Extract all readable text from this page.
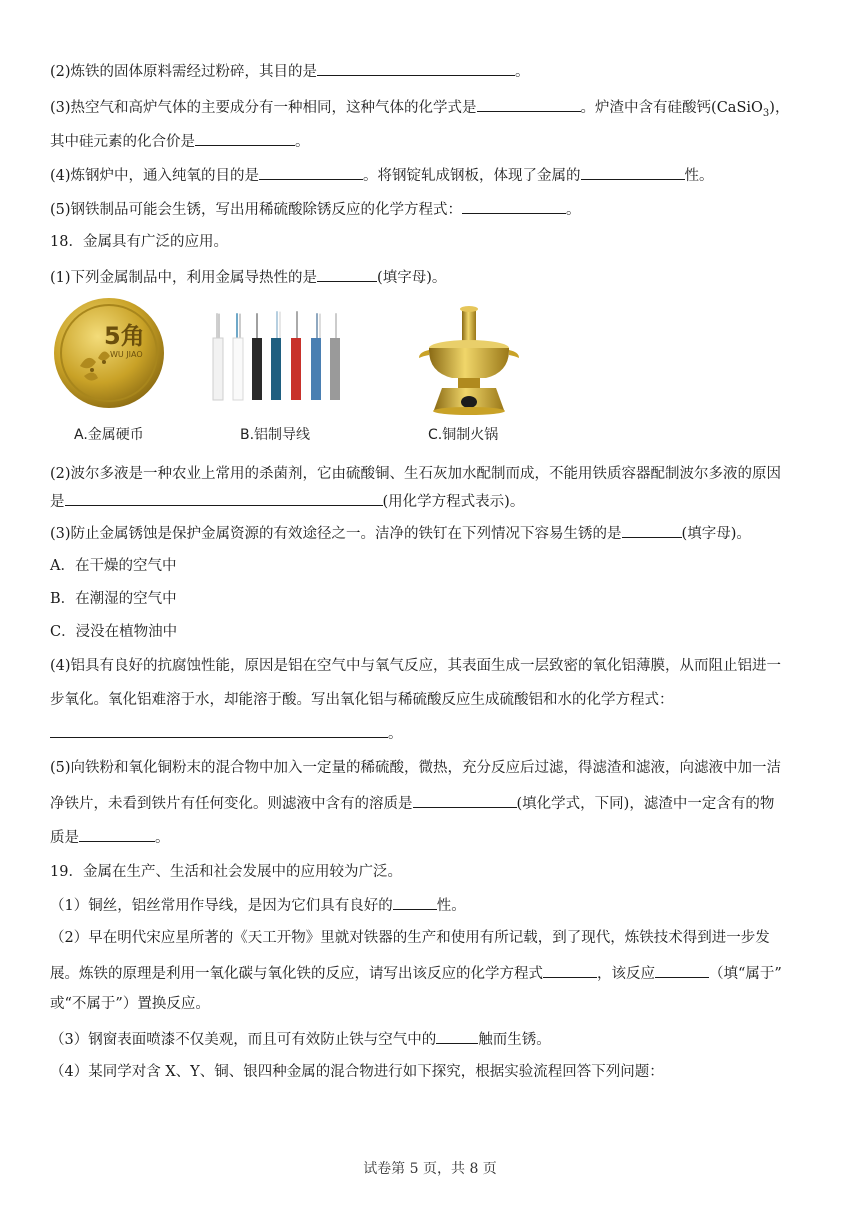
(2)炼铁的固体原料需经过粉碎，其目的是	。
(3)热空气和高炉气体的主要成分有一种相同，这种气体的化学式是	。炉渣中含有硅酸钙(CaSiO$_3$)，
其中硅元素的化合价是	。
(4)炼钢炉中，通入纯氧的目的是	。将钢锭轧成钢板，体现了金属的	性。
(5)钢铁制品可能会生锈，写出用稀硫酸除锈反应的化学方程式：	。
18．金属具有广泛的应用。
(1)下列金属制品中，利用金属导热性的是	(填字母)。
5角
WU JIAO
A.金属硬币	B.铝制导线	C.铜制火锅
(2)波尔多液是一种农业上常用的杀菌剂，它由硫酸铜、生石灰加水配制而成，不能用铁质容器配制波尔多液的原因
是	(用化学方程式表示)。
(3)防止金属锈蚀是保护金属资源的有效途径之一。洁净的铁钉在下列情况下容易生锈的是	(填字母)。
A．在干燥的空气中
B．在潮湿的空气中
C．浸没在植物油中
(4)铝具有良好的抗腐蚀性能，原因是铝在空气中与氧气反应，其表面生成一层致密的氧化铝薄膜，从而阻止铝进一
步氧化。氧化铝难溶于水，却能溶于酸。写出氧化铝与稀硫酸反应生成硫酸铝和水的化学方程式：
。
(5)向铁粉和氧化铜粉末的混合物中加入一定量的稀硫酸，微热，充分反应后过滤，得滤渣和滤液，向滤液中加一洁
净铁片，未看到铁片有任何变化。则滤液中含有的溶质是	(填化学式，下同)，滤渣中一定含有的物
质是	。
19．金属在生产、生活和社会发展中的应用较为广泛。
（1）铜丝，铝丝常用作导线，是因为它们具有良好的	性。
（2）早在明代宋应星所著的《天工开物》里就对铁器的生产和使用有所记载，到了现代，炼铁技术得到进一步发
展。炼铁的原理是利用一氧化碳与氧化铁的反应，请写出该反应的化学方程式	，该反应	（填“属于”
或“不属于”）置换反应。
（3）钢窗表面喷漆不仅美观，而且可有效防止铁与空气中的	触而生锈。
（4）某同学对含 X、Y、铜、银四种金属的混合物进行如下探究，根据实验流程回答下列问题：
试卷第 5 页，共 8 页
